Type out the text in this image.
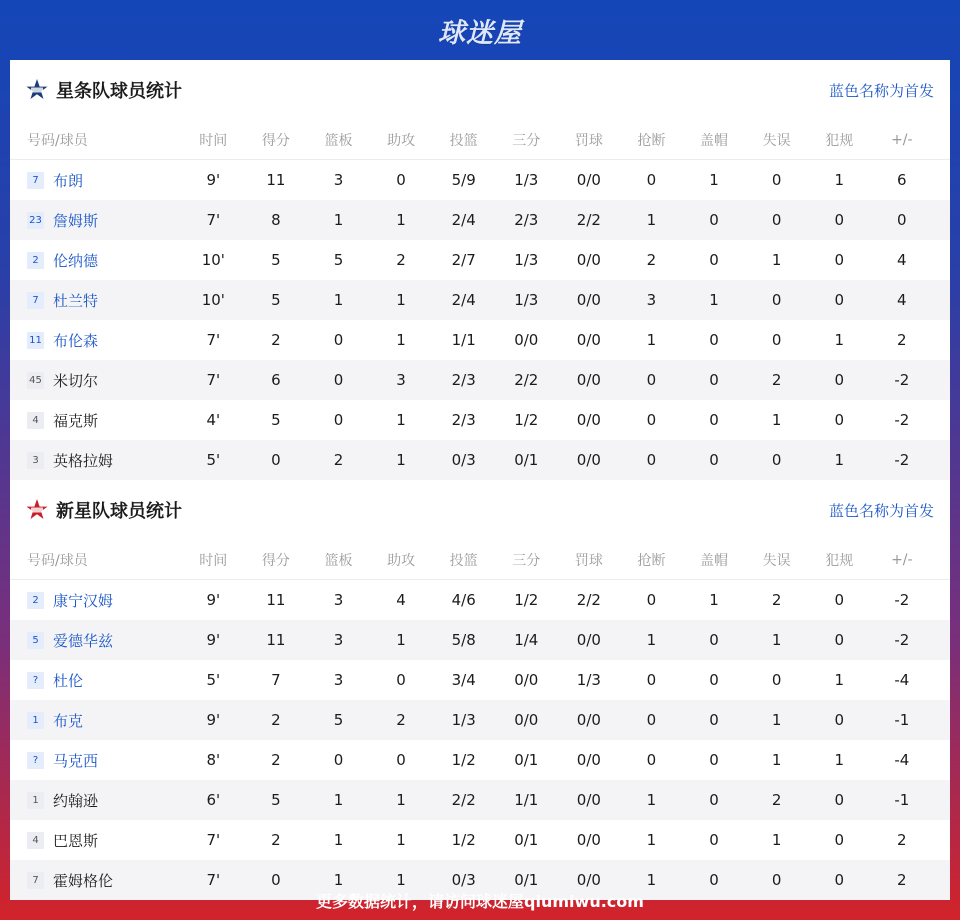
球迷屋
星条队球员统计	蓝色名称为首发
号码/球员	时间	得分	篮板	助攻	投篮	三分	罚球	抢断	盖帽	失误	犯规	+/-
7 布朗	9'	11	3	0	5/9	1/3	0/0	0	1	0	1	6
23 詹姆斯	7'	8	1	1	2/4	2/3	2/2	1	0	0	0	0
2 伦纳德	10'	5	5	2	2/7	1/3	0/0	2	0	1	0	4
7 杜兰特	10'	5	1	1	2/4	1/3	0/0	3	1	0	0	4
11 布伦森	7'	2	0	1	1/1	0/0	0/0	1	0	0	1	2
45 米切尔	7'	6	0	3	2/3	2/2	0/0	0	0	2	0	-2
4 福克斯	4'	5	0	1	2/3	1/2	0/0	0	0	1	0	-2
3 英格拉姆	5'	0	2	1	0/3	0/1	0/0	0	0	0	1	-2
新星队球员统计	蓝色名称为首发
号码/球员	时间	得分	篮板	助攻	投篮	三分	罚球	抢断	盖帽	失误	犯规	+/-
2 康宁汉姆	9'	11	3	4	4/6	1/2	2/2	0	1	2	0	-2
5 爱德华兹	9'	11	3	1	5/8	1/4	0/0	1	0	1	0	-2
? 杜伦	5'	7	3	0	3/4	0/0	1/3	0	0	0	1	-4
1 布克	9'	2	5	2	1/3	0/0	0/0	0	0	1	0	-1
? 马克西	8'	2	0	0	1/2	0/1	0/0	0	0	1	1	-4
1 约翰逊	6'	5	1	1	2/2	1/1	0/0	1	0	2	0	-1
4 巴恩斯	7'	2	1	1	1/2	0/1	0/0	1	0	1	0	2
7 霍姆格伦	7'	0	1	1	0/3	0/1	0/0	1	0	0	0	2
更多数据统计，请访问球迷屋qiumiwu.com
